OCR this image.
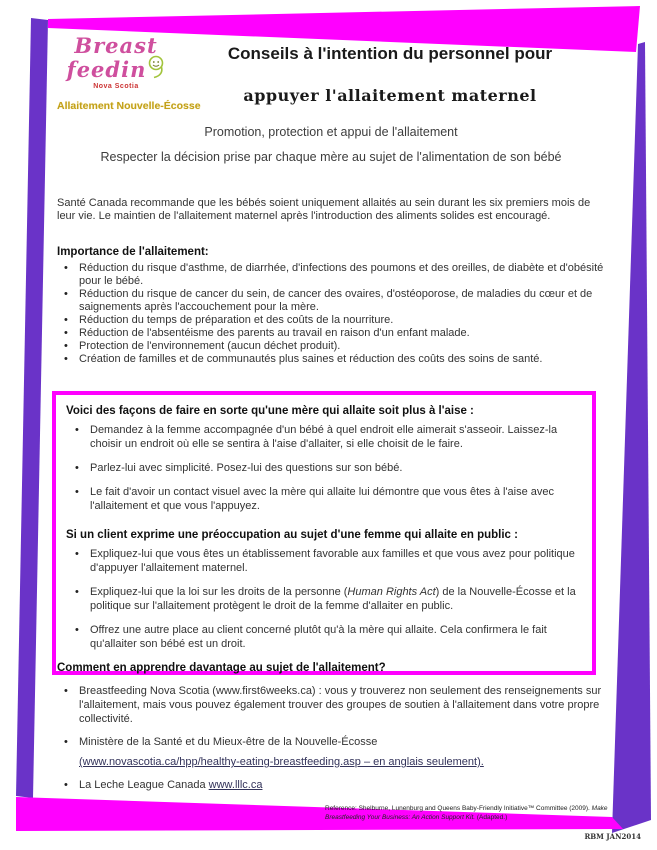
Breast
feedin
Nova Scotia
Allaitement Nouvelle-Écosse
Conseils à l'intention du personnel pour
appuyer l'allaitement maternel

Promotion, protection et appui de l'allaitement

Respecter la décision prise par chaque mère au sujet de l'alimentation de son bébé

Santé Canada recommande que les bébés soient uniquement allaités au sein durant les six premiers mois de leur vie. Le maintien de l'allaitement maternel après l'introduction des aliments solides est encouragé.

Importance de l'allaitement:

• Réduction du risque d'asthme, de diarrhée, d'infections des poumons et des oreilles, de diabète et d'obésité pour le bébé.
• Réduction du risque de cancer du sein, de cancer des ovaires, d'ostéoporose, de maladies du cœur et de saignements après l'accouchement pour la mère.
• Réduction du temps de préparation et des coûts de la nourriture.
• Réduction de l'absentéisme des parents au travail en raison d'un enfant malade.
• Protection de l'environnement (aucun déchet produit).
• Création de familles et de communautés plus saines et réduction des coûts des soins de santé.

Voici des façons de faire en sorte qu'une mère qui allaite soit plus à l'aise :

• Demandez à la femme accompagnée d'un bébé à quel endroit elle aimerait s'asseoir. Laissez-la choisir un endroit où elle se sentira à l'aise d'allaiter, si elle choisit de le faire.
• Parlez-lui avec simplicité. Posez-lui des questions sur son bébé.
• Le fait d'avoir un contact visuel avec la mère qui allaite lui démontre que vous êtes à l'aise avec l'allaitement et que vous l'appuyez.

Si un client exprime une préoccupation au sujet d'une femme qui allaite en public :

• Expliquez-lui que vous êtes un établissement favorable aux familles et que vous avez pour politique d'appuyer l'allaitement maternel.
• Expliquez-lui que la loi sur les droits de la personne (Human Rights Act) de la Nouvelle-Écosse et la politique sur l'allaitement protègent le droit de la femme d'allaiter en public.
• Offrez une autre place au client concerné plutôt qu'à la mère qui allaite. Cela confirmera le fait qu'allaiter son bébé est un droit.

Comment en apprendre davantage au sujet de l'allaitement?

• Breastfeeding Nova Scotia (www.first6weeks.ca) : vous y trouverez non seulement des renseignements sur l'allaitement, mais vous pouvez également trouver des groupes de soutien à l'allaitement dans votre propre collectivité.
• Ministère de la Santé et du Mieux-être de la Nouvelle-Écosse
(www.novascotia.ca/hpp/healthy-eating-breastfeeding.asp – en anglais seulement).
• La Leche League Canada www.lllc.ca
Reference: Shelburne, Lunenburg and Queens Baby-Friendly Initiative™ Committee (2009). Make Breastfeeding Your Business: An Action Support Kit. (Adapted.)
RBM JAN2014
